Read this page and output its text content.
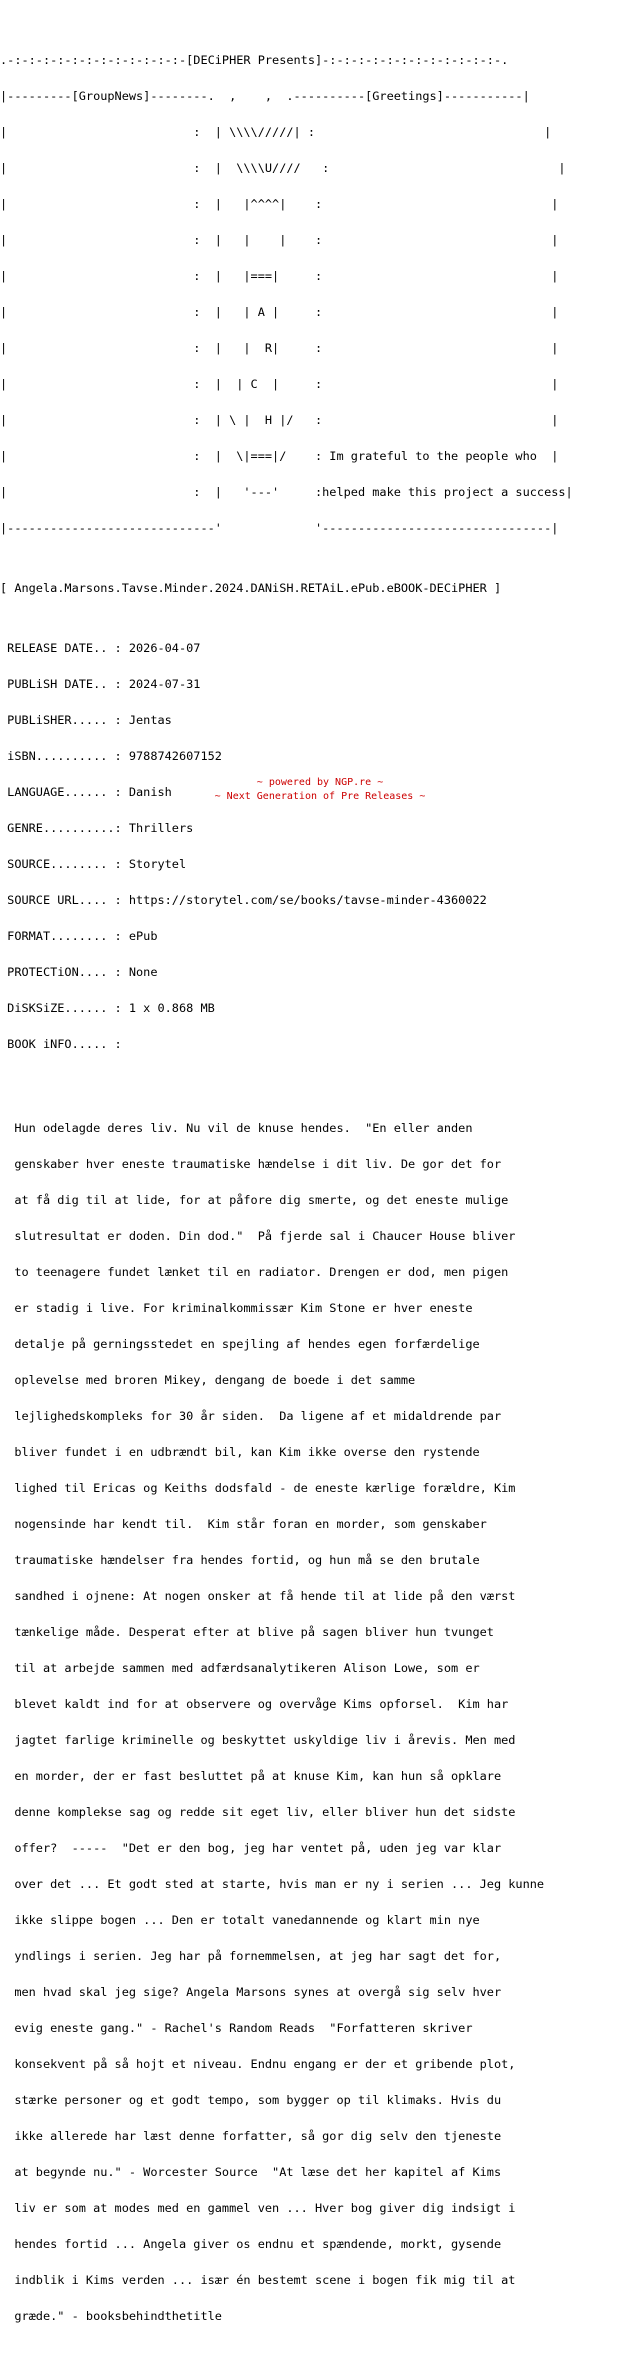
.-:-:-:-:-:-:-:-:-:-:-:-:-[DECiPHER Presents]-:-:-:-:-:-:-:-:-:-:-:-:-.

|---------[GroupNews]--------.  ,    ,  .----------[Greetings]-----------|

|                          :  | \\\\/////| :                                |

|                          :  |  \\\\U////   :                                |

|                          :  |   |^^^^|    :                                |

|                          :  |   |    |    :                                |

|                          :  |   |===|     :                                |

|                          :  |   | A |     :                                |

|                          :  |   |  R|     :                                |

|                          :  |  | C  |     :                                |

|                          :  | \ |  H |/   :                                |

|                          :  |  \|===|/    : Im grateful to the people who  |

|                          :  |   '---'     :helped make this project a success|

|-----------------------------'             '--------------------------------|

[ Angela.Marsons.Tavse.Minder.2024.DANiSH.RETAiL.ePub.eBOOK-DECiPHER ]

RELEASE DATE.. : 2026-04-07

PUBLiSH DATE.. : 2024-07-31

PUBLiSHER..... : Jentas

iSBN.......... : 9788742607152

LANGUAGE...... : Danish

GENRE..........: Thrillers

SOURCE........ : Storytel

SOURCE URL.... : https://storytel.com/se/books/tavse-minder-4360022

FORMAT........ : ePub

PROTECTiON.... : None

DiSKSiZE...... : 1 x 0.868 MB

BOOK iNFO..... :

Hun odelagde deres liv. Nu vil de knuse hendes.  "En eller anden

genskaber hver eneste traumatiske hændelse i dit liv. De gor det for

at få dig til at lide, for at påfore dig smerte, og det eneste mulige

slutresultat er doden. Din dod."  På fjerde sal i Chaucer House bliver

to teenagere fundet lænket til en radiator. Drengen er dod, men pigen

er stadig i live. For kriminalkommissær Kim Stone er hver eneste

detalje på gerningsstedet en spejling af hendes egen forfærdelige

oplevelse med broren Mikey, dengang de boede i det samme

lejlighedskompleks for 30 år siden.  Da ligene af et midaldrende par

bliver fundet i en udbrændt bil, kan Kim ikke overse den rystende

lighed til Ericas og Keiths dodsfald - de eneste kærlige forældre, Kim

nogensinde har kendt til.  Kim står foran en morder, som genskaber

traumatiske hændelser fra hendes fortid, og hun må se den brutale

sandhed i ojnene: At nogen onsker at få hende til at lide på den værst

tænkelige måde. Desperat efter at blive på sagen bliver hun tvunget

til at arbejde sammen med adfærdsanalytikeren Alison Lowe, som er

blevet kaldt ind for at observere og overvåge Kims opforsel.  Kim har

jagtet farlige kriminelle og beskyttet uskyldige liv i årevis. Men med

en morder, der er fast besluttet på at knuse Kim, kan hun så opklare

denne komplekse sag og redde sit eget liv, eller bliver hun det sidste

offer?  -----  "Det er den bog, jeg har ventet på, uden jeg var klar

over det ... Et godt sted at starte, hvis man er ny i serien ... Jeg kunne

ikke slippe bogen ... Den er totalt vanedannende og klart min nye

yndlings i serien. Jeg har på fornemmelsen, at jeg har sagt det for,

men hvad skal jeg sige? Angela Marsons synes at overgå sig selv hver

evig eneste gang." - Rachel's Random Reads  "Forfatteren skriver

konsekvent på så hojt et niveau. Endnu engang er der et gribende plot,

stærke personer og et godt tempo, som bygger op til klimaks. Hvis du

ikke allerede har læst denne forfatter, så gor dig selv den tjeneste

at begynde nu." - Worcester Source  "At læse det her kapitel af Kims

liv er som at modes med en gammel ven ... Hver bog giver dig indsigt i

hendes fortid ... Angela giver os endnu et spændende, morkt, gysende

indblik i Kims verden ... især én bestemt scene i bogen fik mig til at

græde." - booksbehindthetitle

~ powered by NGP.re ~
~ Next Generation of Pre Releases ~
